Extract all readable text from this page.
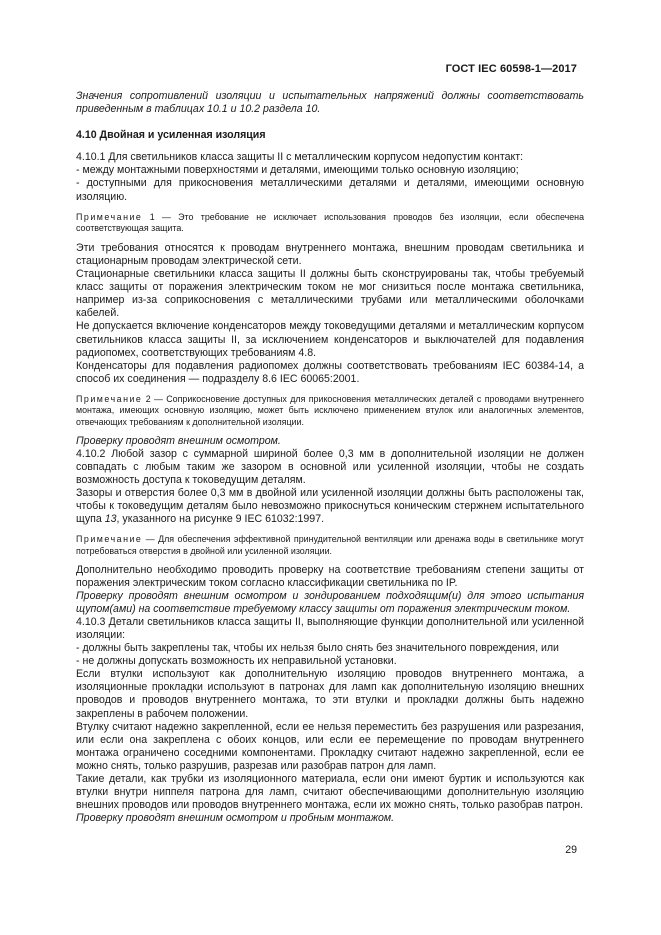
ГОСТ IEC 60598-1—2017

Значения сопротивлений изоляции и испытательных напряжений должны соответствовать приведенным в таблицах 10.1 и 10.2 раздела 10.

4.10 Двойная и усиленная изоляция

4.10.1 Для светильников класса защиты II с металлическим корпусом недопустим контакт:

- между монтажными поверхностями и деталями, имеющими только основную изоляцию;

- доступными для прикосновения металлическими деталями и деталями, имеющими основную изоляцию.

Примечание 1 — Это требование не исключает использования проводов без изоляции, если обеспечена соответствующая защита.

Эти требования относятся к проводам внутреннего монтажа, внешним проводам светильника и стационарным проводам электрической сети.

Стационарные светильники класса защиты II должны быть сконструированы так, чтобы требуемый класс защиты от поражения электрическим током не мог снизиться после монтажа светильника, например из-за соприкосновения с металлическими трубами или металлическими оболочками кабелей.

Не допускается включение конденсаторов между токоведущими деталями и металлическим корпусом светильников класса защиты II, за исключением конденсаторов и выключателей для подавления радиопомех, соответствующих требованиям 4.8.

Конденсаторы для подавления радиопомех должны соответствовать требованиям IEC 60384-14, а способ их соединения — подразделу 8.6 IEC 60065:2001.

Примечание 2 — Соприкосновение доступных для прикосновения металлических деталей с проводами внутреннего монтажа, имеющих основную изоляцию, может быть исключено применением втулок или аналогичных элементов, отвечающих требованиям к дополнительной изоляции.

Проверку проводят внешним осмотром.

4.10.2 Любой зазор с суммарной шириной более 0,3 мм в дополнительной изоляции не должен совпадать с любым таким же зазором в основной или усиленной изоляции, чтобы не создать возможность доступа к токоведущим деталям.

Зазоры и отверстия более 0,3 мм в двойной или усиленной изоляции должны быть расположены так, чтобы к токоведущим деталям было невозможно прикоснуться коническим стержнем испытательного щупа 13, указанного на рисунке 9 IEC 61032:1997.

Примечание — Для обеспечения эффективной принудительной вентиляции или дренажа воды в светильнике могут потребоваться отверстия в двойной или усиленной изоляции.

Дополнительно необходимо проводить проверку на соответствие требованиям степени защиты от поражения электрическим током согласно классификации светильника по IP.

Проверку проводят внешним осмотром и зондированием подходящим(и) для этого испытания щупом(ами) на соответствие требуемому классу защиты от поражения электрическим током.

4.10.3 Детали светильников класса защиты II, выполняющие функции дополнительной или усиленной изоляции:

- должны быть закреплены так, чтобы их нельзя было снять без значительного повреждения, или

- не должны допускать возможность их неправильной установки.

Если втулки используют как дополнительную изоляцию проводов внутреннего монтажа, а изоляционные прокладки используют в патронах для ламп как дополнительную изоляцию внешних проводов и проводов внутреннего монтажа, то эти втулки и прокладки должны быть надежно закреплены в рабочем положении.

Втулку считают надежно закрепленной, если ее нельзя переместить без разрушения или разрезания, или если она закреплена с обоих концов, или если ее перемещение по проводам внутреннего монтажа ограничено соседними компонентами. Прокладку считают надежно закрепленной, если ее можно снять, только разрушив, разрезав или разобрав патрон для ламп.

Такие детали, как трубки из изоляционного материала, если они имеют буртик и используются как втулки внутри ниппеля патрона для ламп, считают обеспечивающими дополнительную изоляцию внешних проводов или проводов внутреннего монтажа, если их можно снять, только разобрав патрон.

Проверку проводят внешним осмотром и пробным монтажом.

29
